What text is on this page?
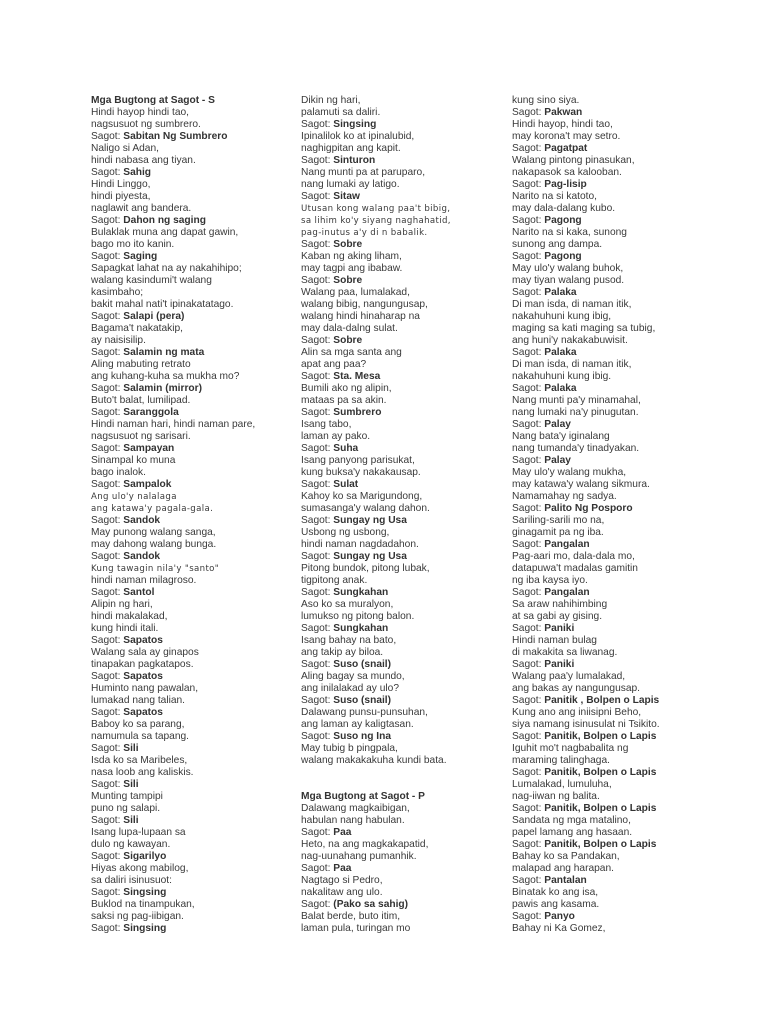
Mga Bugtong at Sagot - S
Hindi hayop hindi tao,
nagsusuot ng sumbrero.
Sagot: Sabitan Ng Sumbrero
Naligo si Adan,
hindi nabasa ang tiyan.
Sagot: Sahig
Hindi Linggo,
hindi piyesta,
naglawit ang bandera.
Sagot: Dahon ng saging
Bulaklak muna ang dapat gawin,
bago mo ito kanin.
Sagot: Saging
Sapagkat lahat na ay nakahihipo;
walang kasindumi't walang
kasimbaho;
bakit mahal nati't ipinakatatago.
Sagot: Salapi (pera)
Bagama't nakatakip,
ay naisisilip.
Sagot: Salamin ng mata
Aling mabuting retrato
ang kuhang-kuha sa mukha mo?
Sagot: Salamin (mirror)
Buto't balat, lumilipad.
Sagot: Saranggola
Hindi naman hari, hindi naman pare,
nagsusuot ng sarisari.
Sagot: Sampayan
Sinampal ko muna
bago inalok.
Sagot: Sampalok
Ang ulo'y nalalaga
ang katawa'y pagala-gala.
Sagot: Sandok
May punong walang sanga,
may dahong walang bunga.
Sagot: Sandok
Kung tawagin nila'y "santo"
hindi naman milagroso.
Sagot: Santol
Alipin ng hari,
hindi makalakad,
kung hindi itali.
Sagot: Sapatos
Walang sala ay ginapos
tinapakan pagkatapos.
Sagot: Sapatos
Huminto nang pawalan,
lumakad nang talian.
Sagot: Sapatos
Baboy ko sa parang,
namumula sa tapang.
Sagot: Sili
Isda ko sa Maribeles,
nasa loob ang kaliskis.
Sagot: Sili
Munting tampipi
puno ng salapi.
Sagot: Sili
Isang lupa-lupaan sa
dulo ng kawayan.
Sagot: Sigarilyo
Hiyas akong mabilog,
sa daliri isinusuot:
Sagot: Singsing
Buklod na tinampukan,
saksi ng pag-iibigan.
Sagot: Singsing
Dikin ng hari,
palamuti sa daliri.
Sagot: Singsing
Ipinalilok ko at ipinalubid,
naghigpitan ang kapit.
Sagot: Sinturon
Nang munti pa at paruparo,
nang lumaki ay latigo.
Sagot: Sitaw
Utusan kong walang paa't bibig,
sa lihim ko'y siyang naghahatid,
pag-inutus a'y di n babalik.
Sagot: Sobre
Kaban ng aking liham,
may tagpi ang ibabaw.
Sagot: Sobre
Walang paa, lumalakad,
walang bibig, nangungusap,
walang hindi hinaharap na
may dala-dalng sulat.
Sagot: Sobre
Alin sa mga santa ang
apat ang paa?
Sagot: Sta. Mesa
Bumili ako ng alipin,
mataas pa sa akin.
Sagot: Sumbrero
Isang tabo,
laman ay pako.
Sagot: Suha
Isang panyong parisukat,
kung buksa'y nakakausap.
Sagot: Sulat
Kahoy ko sa Marigundong,
sumasanga'y walang dahon.
Sagot: Sungay ng Usa
Usbong ng usbong,
hindi naman nagdadahon.
Sagot: Sungay ng Usa
Pitong bundok, pitong lubak,
tigpitong anak.
Sagot: Sungkahan
Aso ko sa muralyon,
lumukso ng pitong balon.
Sagot: Sungkahan
Isang bahay na bato,
ang takip ay biloa.
Sagot: Suso (snail)
Aling bagay sa mundo,
ang inilalakad ay ulo?
Sagot: Suso (snail)
Dalawang punsu-punsuhan,
ang laman ay kaligtasan.
Sagot: Suso ng Ina
May tubig b pingpala,
walang makakakuha kundi bata.
Mga Bugtong at Sagot - P
Dalawang magkaibigan,
habulan nang habulan.
Sagot: Paa
Heto, na ang magkakapatid,
nag-uunahang pumanhik.
Sagot: Paa
Nagtago si Pedro,
nakalitaw ang ulo.
Sagot: (Pako sa sahig)
Balat berde, buto itim,
laman pula, turingan mo
kung sino siya.
Sagot: Pakwan
Hindi hayop, hindi tao,
may korona't may setro.
Sagot: Pagatpat
Walang pintong pinasukan,
nakapasok sa kalooban.
Sagot: Pag-lisip
Narito na si katoto,
may dala-dalang kubo.
Sagot: Pagong
Narito na si kaka, sunong
sunong ang dampa.
Sagot: Pagong
May ulo'y walang buhok,
may tiyan walang pusod.
Sagot: Palaka
Di man isda, di naman itik,
nakahuhuni kung ibig,
maging sa kati maging sa tubig,
ang huni'y nakakabuwisit.
Sagot: Palaka
Di man isda, di naman itik,
nakahuhuni kung ibig.
Sagot: Palaka
Nang munti pa'y minamahal,
nang lumaki na'y pinugutan.
Sagot: Palay
Nang bata'y iginalang
nang tumanda'y tinadyakan.
Sagot: Palay
May ulo'y walang mukha,
may katawa'y walang sikmura.
Namamahay ng sadya.
Sagot: Palito Ng Posporo
Sariling-sarili mo na,
ginagamit pa ng iba.
Sagot: Pangalan
Pag-aari mo, dala-dala mo,
datapuwa't madalas gamitin
ng iba kaysa iyo.
Sagot: Pangalan
Sa araw nahihimbing
at sa gabi ay gising.
Sagot: Paniki
Hindi naman bulag
di makakita sa liwanag.
Sagot: Paniki
Walang paa'y lumalakad,
ang bakas ay nangungusap.
Sagot: Panitik , Bolpen o Lapis
Kung ano ang iniisipni Beho,
siya namang isinusulat ni Tsikito.
Sagot: Panitik, Bolpen o Lapis
Iguhit mo't nagbabalita ng
maraming talinghaga.
Sagot: Panitik, Bolpen o Lapis
Lumalakad, lumuluha,
nag-iiwan ng balita.
Sagot: Panitik, Bolpen o Lapis
Sandata ng mga matalino,
papel lamang ang hasaan.
Sagot: Panitik, Bolpen o Lapis
Bahay ko sa Pandakan,
malapad ang harapan.
Sagot: Pantalan
Binatak ko ang isa,
pawis ang kasama.
Sagot: Panyo
Bahay ni Ka Gomez,
